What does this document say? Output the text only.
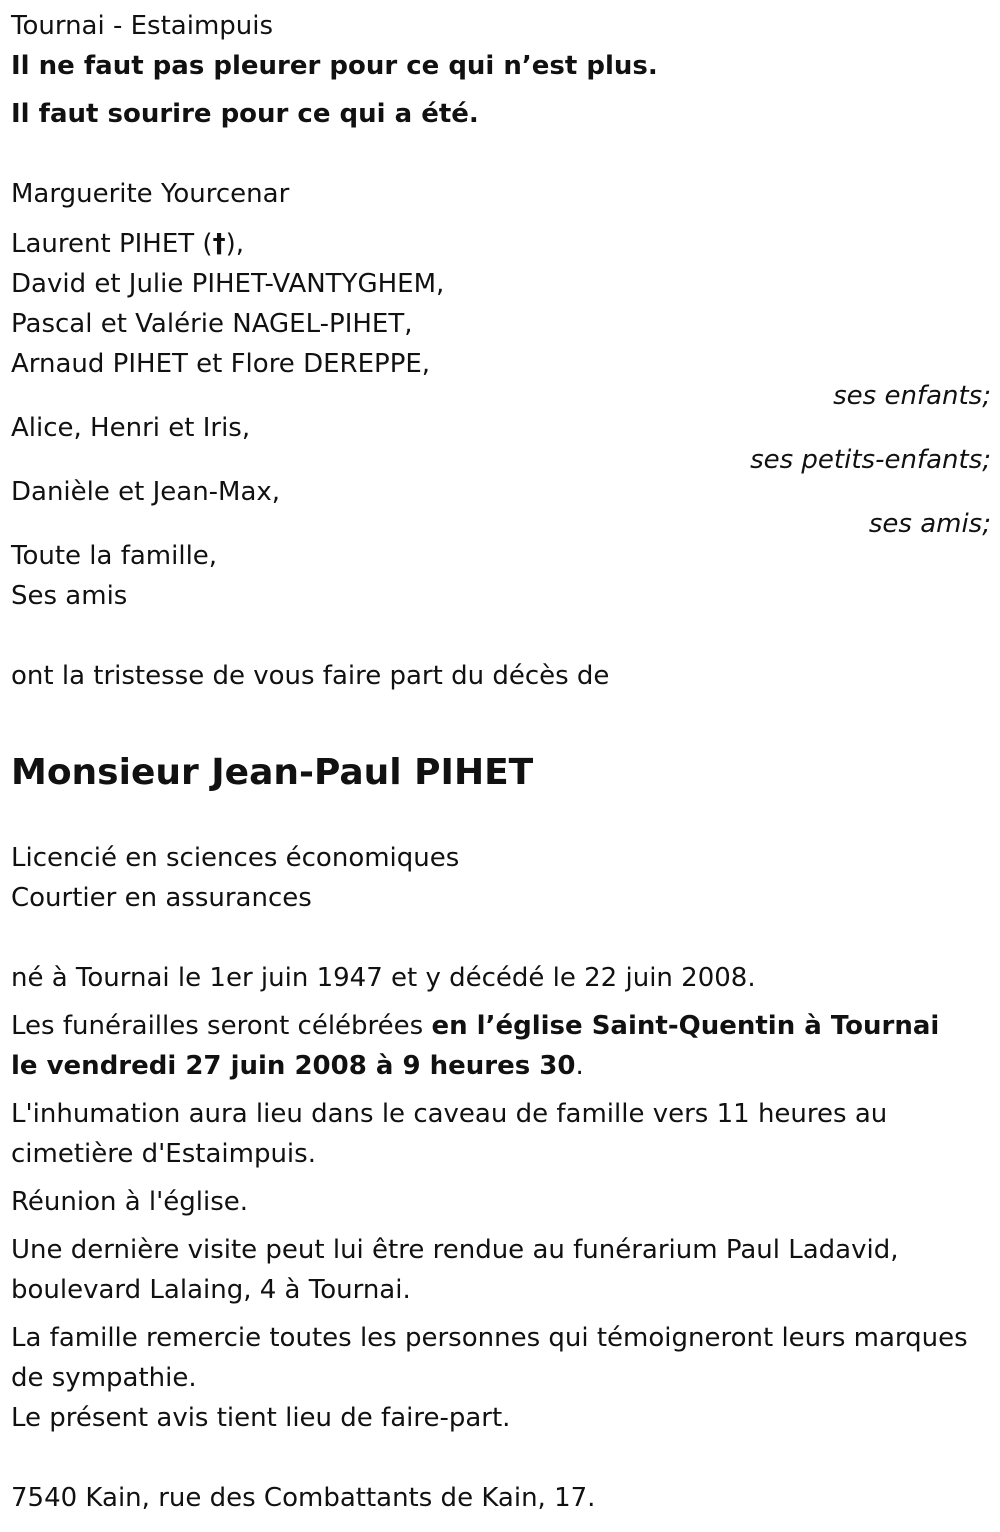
Tournai - Estaimpuis
Il ne faut pas pleurer pour ce qui n’est plus.
Il faut sourire pour ce qui a été.
Marguerite Yourcenar
Laurent PIHET (†),
David et Julie PIHET-VANTYGHEM,
Pascal et Valérie NAGEL-PIHET,
Arnaud PIHET et Flore DEREPPE,
ses enfants;
Alice, Henri et Iris,
ses petits-enfants;
Danièle et Jean-Max,
ses amis;
Toute la famille,
Ses amis
ont la tristesse de vous faire part du décès de
Monsieur Jean-Paul PIHET
Licencié en sciences économiques
Courtier en assurances
né à Tournai le 1er juin 1947 et y décédé le 22 juin 2008.
Les funérailles seront célébrées en l’église Saint-Quentin à Tournai le vendredi 27 juin 2008 à 9 heures 30.
L'inhumation aura lieu dans le caveau de famille vers 11 heures au cimetière d'Estaimpuis.
Réunion à l'église.
Une dernière visite peut lui être rendue au funérarium Paul Ladavid, boulevard Lalaing, 4 à Tournai.
La famille remercie toutes les personnes qui témoigneront leurs marques de sympathie.
Le présent avis tient lieu de faire-part.
7540 Kain, rue des Combattants de Kain, 17.
